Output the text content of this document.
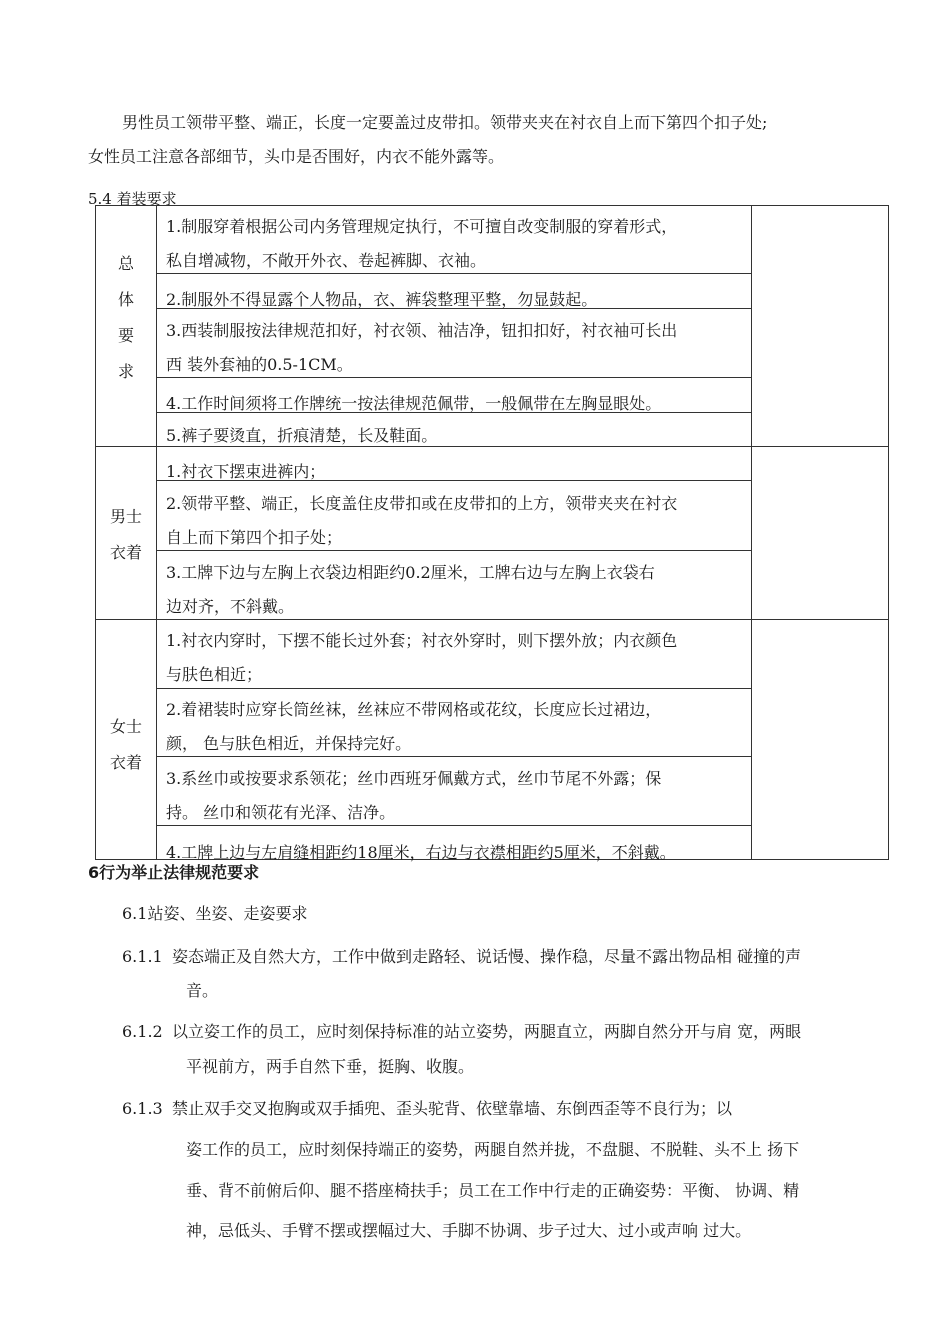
男性员工领带平整、端正，长度一定要盖过皮带扣。领带夹夹在衬衣自上而下第四个扣子处;
女性员工注意各部细节，头巾是否围好，内衣不能外露等。
5.4 着装要求
总
体
要
求
男士
衣着
女士
衣着
1.制服穿着根据公司内务管理规定执行，不可擅自改变制服的穿着形式，
私自增减物，不敞开外衣、卷起裤脚、衣袖。
2.制服外不得显露个人物品，衣、裤袋整理平整，勿显鼓起。
3.西装制服按法律规范扣好，衬衣领、袖洁净，钮扣扣好，衬衣袖可长出
西 装外套袖的0.5-1CM。
4.工作时间须将工作牌统一按法律规范佩带，一般佩带在左胸显眼处。
5.裤子要烫直，折痕清楚，长及鞋面。
1.衬衣下摆束进裤内；
2.领带平整、端正，长度盖住皮带扣或在皮带扣的上方，领带夹夹在衬衣
自上而下第四个扣子处；
3.工牌下边与左胸上衣袋边相距约0.2厘米，工牌右边与左胸上衣袋右
边对齐，不斜戴。
1.衬衣内穿时，下摆不能长过外套；衬衣外穿时，则下摆外放；内衣颜色
与肤色相近；
2.着裙装时应穿长筒丝袜，丝袜应不带网格或花纹，长度应长过裙边，
颜， 色与肤色相近，并保持完好。
3.系丝巾或按要求系领花；丝巾西班牙佩戴方式，丝巾节尾不外露；保
持。 丝巾和领花有光泽、洁净。
4.工牌上边与左肩缝相距约18厘米，右边与衣襟相距约5厘米，不斜戴。
6行为举止法律规范要求
6.1站姿、坐姿、走姿要求
6.1.1 姿态端正及自然大方，工作中做到走路轻、说话慢、操作稳，尽量不露出物品相 碰撞的声
音。
6.1.2 以立姿工作的员工，应时刻保持标准的站立姿势，两腿直立，两脚自然分开与肩 宽，两眼
平视前方，两手自然下垂，挺胸、收腹。
6.1.3 禁止双手交叉抱胸或双手插兜、歪头驼背、依壁靠墙、东倒西歪等不良行为；以
姿工作的员工，应时刻保持端正的姿势，两腿自然并拢，不盘腿、不脱鞋、头不上 扬下
垂、背不前俯后仰、腿不搭座椅扶手；员工在工作中行走的正确姿势：平衡、 协调、精
神，忌低头、手臂不摆或摆幅过大、手脚不协调、步子过大、过小或声响 过大。
